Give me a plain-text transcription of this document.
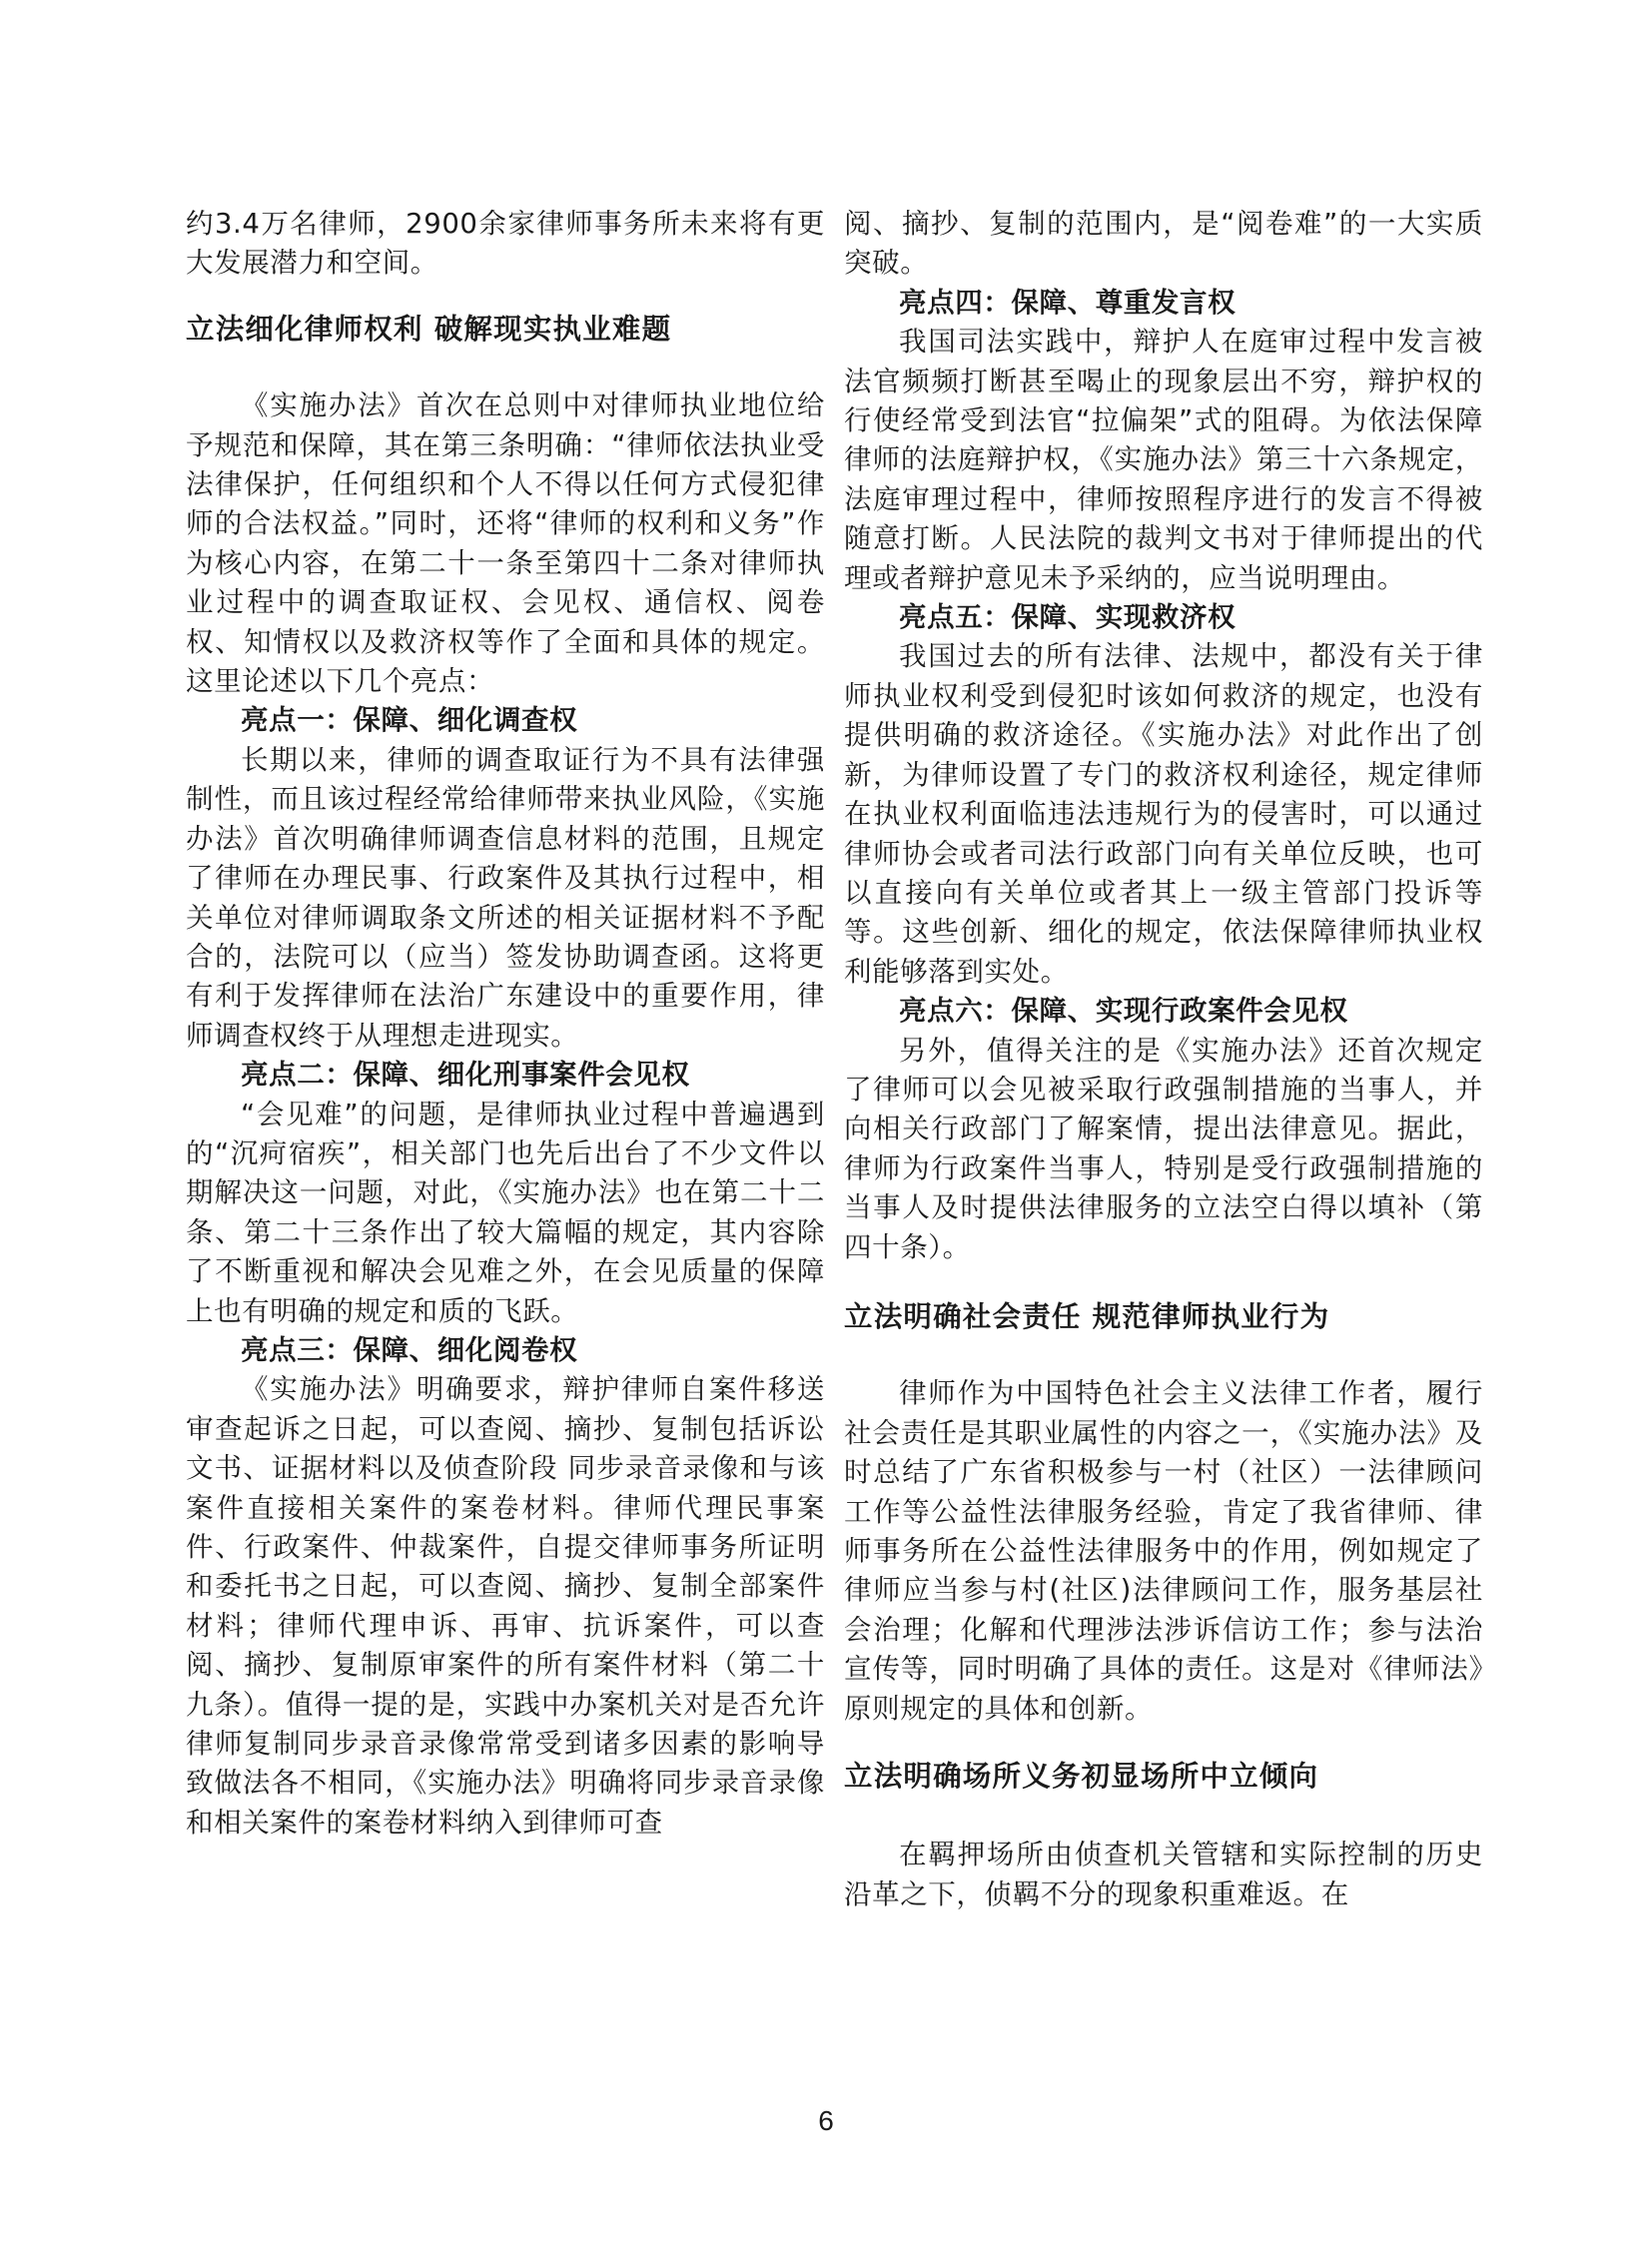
约3.4万名律师，2900余家律师事务所未来将有更大发展潜力和空间。

立法细化律师权利 破解现实执业难题

《实施办法》首次在总则中对律师执业地位给予规范和保障，其在第三条明确：“律师依法执业受法律保护，任何组织和个人不得以任何方式侵犯律师的合法权益。”同时，还将“律师的权利和义务”作为核心内容，在第二十一条至第四十二条对律师执业过程中的调查取证权、会见权、通信权、阅卷权、知情权以及救济权等作了全面和具体的规定。这里论述以下几个亮点：

亮点一：保障、细化调查权

长期以来，律师的调查取证行为不具有法律强制性，而且该过程经常给律师带来执业风险，《实施办法》首次明确律师调查信息材料的范围，且规定了律师在办理民事、行政案件及其执行过程中，相关单位对律师调取条文所述的相关证据材料不予配合的，法院可以（应当）签发协助调查函。这将更有利于发挥律师在法治广东建设中的重要作用，律师调查权终于从理想走进现实。

亮点二：保障、细化刑事案件会见权

“会见难”的问题，是律师执业过程中普遍遇到的“沉疴宿疾”，相关部门也先后出台了不少文件以期解决这一问题，对此，《实施办法》也在第二十二条、第二十三条作出了较大篇幅的规定，其内容除了不断重视和解决会见难之外，在会见质量的保障上也有明确的规定和质的飞跃。

亮点三：保障、细化阅卷权

《实施办法》明确要求，辩护律师自案件移送审查起诉之日起，可以查阅、摘抄、复制包括诉讼文书、证据材料以及侦查阶段 同步录音录像和与该案件直接相关案件的案卷材料。律师代理民事案件、行政案件、仲裁案件，自提交律师事务所证明和委托书之日起，可以查阅、摘抄、复制全部案件材料；律师代理申诉、再审、抗诉案件，可以查阅、摘抄、复制原审案件的所有案件材料（第二十九条）。值得一提的是，实践中办案机关对是否允许律师复制同步录音录像常常受到诸多因素的影响导致做法各不相同，《实施办法》明确将同步录音录像和相关案件的案卷材料纳入到律师可查

阅、摘抄、复制的范围内，是“阅卷难”的一大实质突破。

亮点四：保障、尊重发言权

我国司法实践中，辩护人在庭审过程中发言被法官频频打断甚至喝止的现象层出不穷，辩护权的行使经常受到法官“拉偏架”式的阻碍。为依法保障律师的法庭辩护权，《实施办法》第三十六条规定，法庭审理过程中，律师按照程序进行的发言不得被随意打断。人民法院的裁判文书对于律师提出的代理或者辩护意见未予采纳的，应当说明理由。

亮点五：保障、实现救济权

我国过去的所有法律、法规中，都没有关于律师执业权利受到侵犯时该如何救济的规定，也没有提供明确的救济途径。《实施办法》对此作出了创新，为律师设置了专门的救济权利途径，规定律师在执业权利面临违法违规行为的侵害时，可以通过律师协会或者司法行政部门向有关单位反映，也可以直接向有关单位或者其上一级主管部门投诉等等。这些创新、细化的规定，依法保障律师执业权利能够落到实处。

亮点六：保障、实现行政案件会见权

另外，值得关注的是《实施办法》还首次规定了律师可以会见被采取行政强制措施的当事人，并向相关行政部门了解案情，提出法律意见。据此，律师为行政案件当事人，特别是受行政强制措施的当事人及时提供法律服务的立法空白得以填补（第四十条）。

立法明确社会责任 规范律师执业行为

律师作为中国特色社会主义法律工作者，履行社会责任是其职业属性的内容之一，《实施办法》及时总结了广东省积极参与一村（社区）一法律顾问工作等公益性法律服务经验，肯定了我省律师、律师事务所在公益性法律服务中的作用，例如规定了律师应当参与村(社区)法律顾问工作，服务基层社会治理；化解和代理涉法涉诉信访工作；参与法治宣传等，同时明确了具体的责任。这是对《律师法》原则规定的具体和创新。

立法明确场所义务初显场所中立倾向

在羁押场所由侦查机关管辖和实际控制的历史沿革之下，侦羁不分的现象积重难返。在

6
